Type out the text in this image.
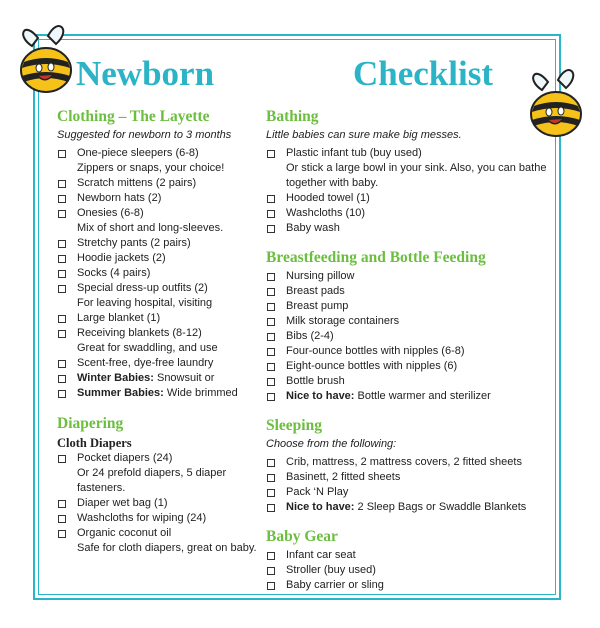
Newborn	Checklist
Clothing – The Layette
Suggested for newborn to 3 months
One-piece sleepers (6-8)
Zippers or snaps, your choice!
Scratch mittens (2 pairs)
Newborn hats (2)
Onesies (6-8)
Mix of short and long-sleeves.
Stretchy pants (2 pairs)
Hoodie jackets (2)
Socks (4 pairs)
Special dress-up outfits (2)
For leaving hospital, visiting
Large blanket (1)
Receiving blankets (8-12)
Great for swaddling, and use
Scent-free, dye-free laundry
Winter Babies: Snowsuit or
Summer Babies: Wide brimmed
Diapering
Cloth Diapers
Pocket diapers (24)
Or 24 prefold diapers, 5 diaper fasteners.
Diaper wet bag (1)
Washcloths for wiping (24)
Organic coconut oil
Safe for cloth diapers, great on baby.
Bathing
Little babies can sure make big messes.
Plastic infant tub (buy used)
Or stick a large bowl in your sink. Also, you can bathe together with baby.
Hooded towel (1)
Washcloths (10)
Baby wash
Breastfeeding and Bottle Feeding
Nursing pillow
Breast pads
Breast pump
Milk storage containers
Bibs (2-4)
Four-ounce bottles with nipples (6-8)
Eight-ounce bottles with nipples (6)
Bottle brush
Nice to have: Bottle warmer and sterilizer
Sleeping
Choose from the following:
Crib, mattress, 2 mattress covers, 2 fitted sheets
Basinett, 2 fitted sheets
Pack ‘N Play
Nice to have: 2 Sleep Bags or Swaddle Blankets
Baby Gear
Infant car seat
Stroller (buy used)
Baby carrier or sling
